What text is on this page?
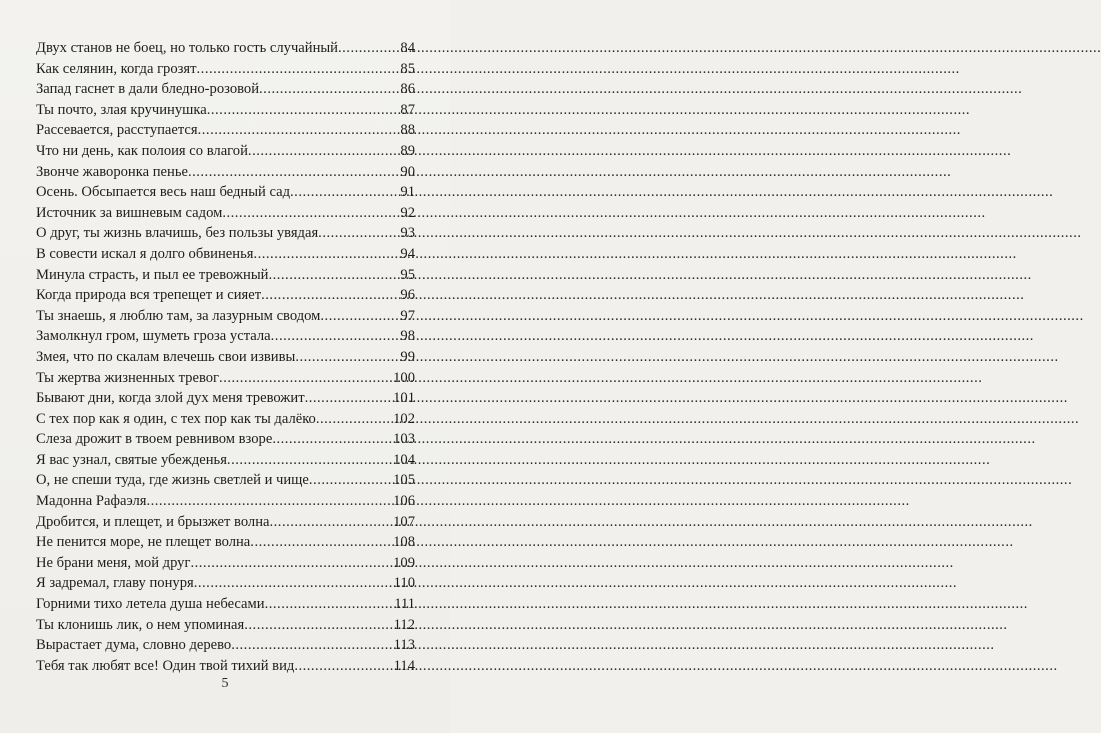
Двух станов не боец, но только гость случайный .....	84
Как селянин, когда грозят .....	85
Запад гаснет в дали бледно-розовой .....	86
Ты почто, злая кручинушка .....	87
Рассевается, расступается .....	88
Что ни день, как полоия со влагой .....	89
Звонче жаворонка пенье .....	90
Осень. Обсыпается весь наш бедный сад .....	91
Источник за вишневым садом .....	92
О друг, ты жизнь влачишь, без пользы увядая .....	93
В совести искал я долго обвиненья .....	94
Минула страсть, и пыл ее тревожный .....	95
Когда природа вся трепещет и сияет .....	96
Ты знаешь, я люблю там, за лазурным сводом .....	97
Замолкнул гром, шуметь гроза устала .....	98
Змея, что по скалам влечешь свои извивы .....	99
Ты жертва жизненных тревог .....	100
Бывают дни, когда злой дух меня тревожит .....	101
С тех пор как я один, с тех пор как ты далёко .....	102
Слеза дрожит в твоем ревнивом взоре .....	103
Я вас узнал, святые убежденья .....	104
О, не спеши туда, где жизнь светлей и чище .....	105
Мадонна Рафаэля .....	106
Дробится, и плещет, и брызжет волна .....	107
Не пенится море, не плещет волна .....	108
Не брани меня, мой друг .....	109
Я задремал, главу понуря .....	110
Горними тихо летела душа небесами .....	111
Ты клонишь лик, о нем упоминая .....	112
Вырастает дума, словно дерево .....	113
Тебя так любят все! Один твой тихий вид .....	114
5
